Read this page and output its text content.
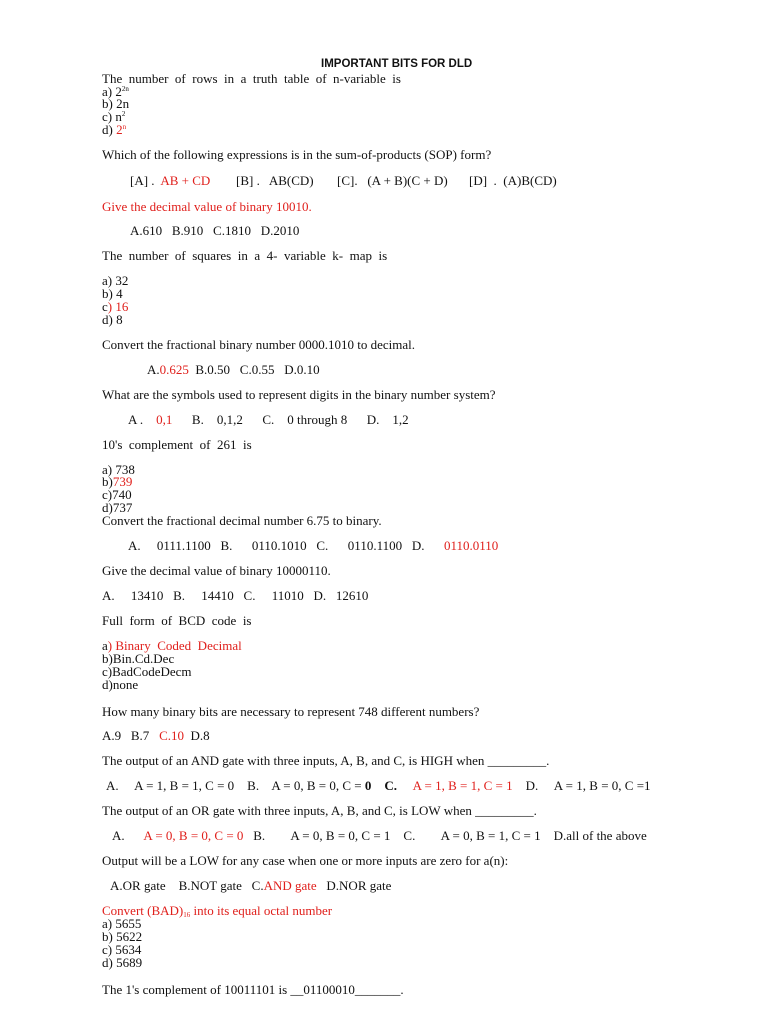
IMPORTANT BITS FOR DLD
The  number  of  rows  in  a  truth  table  of  n-variable  is
a) $2^{2n}$
b) 2n
c) $n^2$
d) 2$^n$
Which of the following expressions is in the sum-of-products (SOP) form?
[A] .  AB + CD [B] .   AB(CD) [C].   (A + B)(C + D) [D]  .  (A)B(CD)
Give the decimal value of binary 10010.
A.610   B.910   C.1810   D.2010
The  number  of  squares  in  a  4-  variable  k-  map  is
a) 32
b) 4
c) 16
d) 8
Convert the fractional binary number 0000.1010 to decimal.
A.0.625  B.0.50   C.0.55   D.0.10
What are the symbols used to represent digits in the binary number system?
A .    0,1      B.    0,1,2      C.    0 through 8      D.    1,2
10's  complement  of  261  is
a) 738
b)739
c)740
d)737
Convert the fractional decimal number 6.75 to binary.
A.     0111.1100   B.      0110.1010   C.      0110.1100   D. 0110.0110
Give the decimal value of binary 10000110.
A.     13410   B.     14410   C.     11010   D.   12610
Full  form  of  BCD  code  is
a) Binary  Coded  Decimal
b)Bin.Cd.Dec
c)BadCodeDecm
d)none
How many binary bits are necessary to represent 748 different numbers?
A.9   B.7   C.10  D.8
The output of an AND gate with three inputs, A, B, and C, is HIGH when _________.
A.     A = 1, B = 1, C = 0    B.    A = 0, B = 0, C = 0 C. A = 1, B = 1, C = 1    D.     A = 1, B = 0, C =1
The output of an OR gate with three inputs, A, B, and C, is LOW when _________.
A.      A = 0, B = 0, C = 0   B.        A = 0, B = 0, C = 1    C.        A = 0, B = 1, C = 1    D.all of the above
Output will be a LOW for any case when one or more inputs are zero for a(n):
A.OR gate    B.NOT gate   C.AND gate   D.NOR gate
Convert $(BAD)_{16}$ into its equal octal number
a) 5655
b) 5622
c) 5634
d) 5689
The 1's complement of 10011101 is __01100010_______.
